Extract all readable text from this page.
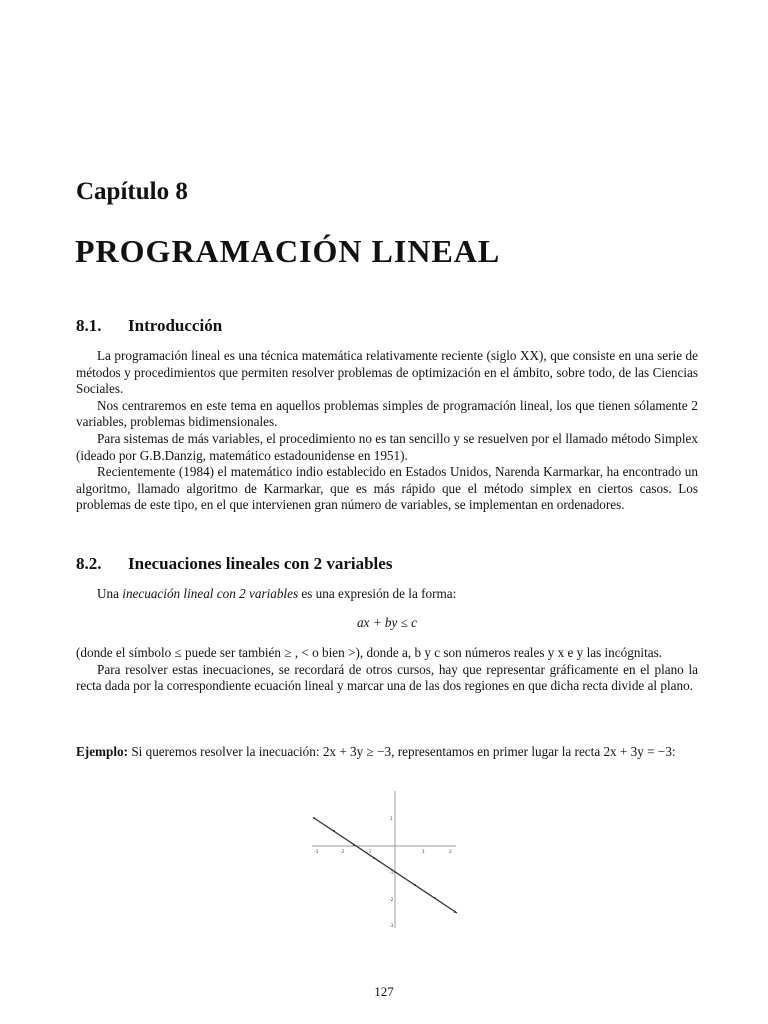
Capítulo 8
PROGRAMACIÓN LINEAL
8.1. Introducción

La programación lineal es una técnica matemática relativamente reciente (siglo XX), que consiste en una serie de métodos y procedimientos que permiten resolver problemas de optimización en el ámbito, sobre todo, de las Ciencias Sociales.

Nos centraremos en este tema en aquellos problemas simples de programación lineal, los que tienen sólamente 2 variables, problemas bidimensionales.

Para sistemas de más variables, el procedimiento no es tan sencillo y se resuelven por el llamado método Simplex (ideado por G.B.Danzig, matemático estadounidense en 1951).

Recientemente (1984) el matemático indio establecido en Estados Unidos, Narenda Karmarkar, ha encontrado un algoritmo, llamado algoritmo de Karmarkar, que es más rápido que el método simplex en ciertos casos. Los problemas de este tipo, en el que intervienen gran número de variables, se implementan en ordenadores.

8.2. Inecuaciones lineales con 2 variables

Una inecuación lineal con 2 variables es una expresión de la forma:

ax + by ≤ c

(donde el símbolo ≤ puede ser también ≥ , < o bien >), donde a, b y c son números reales y x e y las incógnitas.

Para resolver estas inecuaciones, se recordará de otros cursos, hay que representar gráficamente en el plano la recta dada por la correspondiente ecuación lineal y marcar una de las dos regiones en que dicha recta divide al plano.

Ejemplo: Si queremos resolver la inecuación: 2x + 3y ≥ −3, representamos en primer lugar la recta 2x + 3y = −3:

-3	-2	-1	1	2
1
-1
-2
-3
127
